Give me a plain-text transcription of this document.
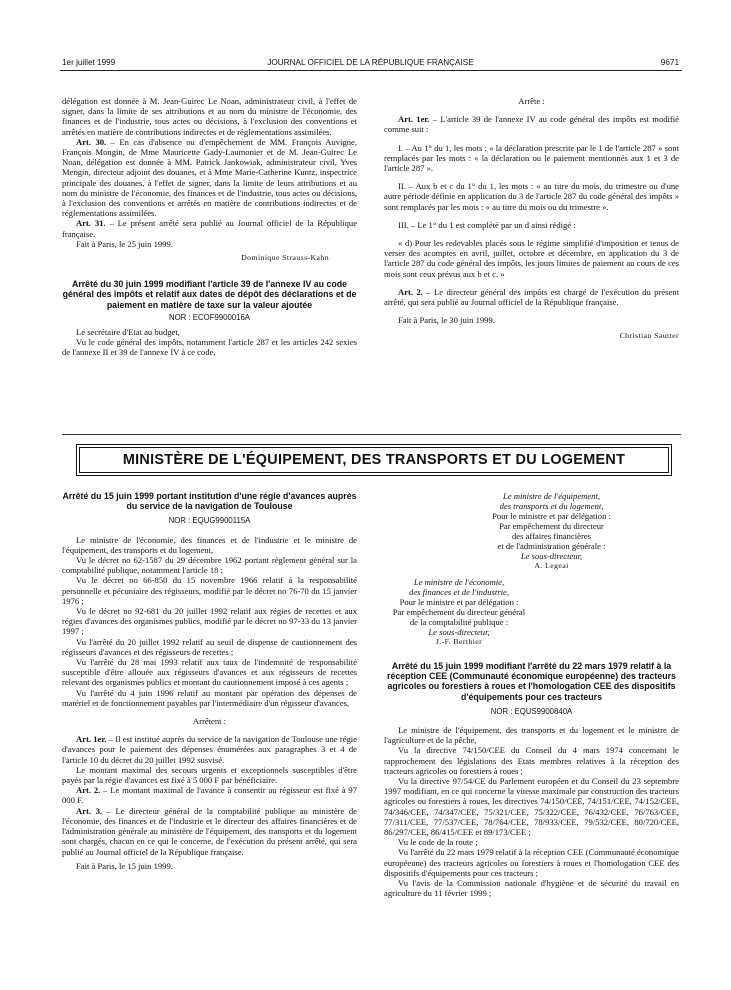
1er juillet 1999	JOURNAL OFFICIEL DE LA RÉPUBLIQUE FRANÇAISE	9671

délégation est donnée à M. Jean-Guirec Le Noan, administrateur civil, à l'effet de signer, dans la limite de ses attributions et au nom du ministre de l'économie, des finances et de l'industrie, tous actes ou décisions, à l'exclusion des conventions et arrêtés en matière de contributions indirectes et de réglementations assimilées.

Art. 30. – En cas d'absence ou d'empêchement de MM. François Auvigne, François Mongin, de Mme Mauricette Gady-Laumonier et de M. Jean-Guirec Le Noan, délégation est donnée à MM. Patrick Jankowiak, administrateur civil, Yves Mengin, directeur adjoint des douanes, et à Mme Marie-Catherine Kuntz, inspectrice principale des douanes, à l'effet de signer, dans la limite de leurs attributions et au nom du ministre de l'économie, des finances et de l'industrie, tous actes ou décisions, à l'exclusion des conventions et arrêtés en matière de contributions indirectes et de réglementations assimilées.

Art. 31. – Le présent arrêté sera publié au Journal officiel de la République française.

Fait à Paris, le 25 juin 1999.

Dominique Strauss-Kahn
Arrêté du 30 juin 1999 modifiant l'article 39 de l'annexe IV au code général des impôts et relatif aux dates de dépôt des déclarations et de paiement en matière de taxe sur la valeur ajoutée
NOR : ECOF9900016A

Le secrétaire d'Etat au budget,

Vu le code général des impôts, notamment l'article 287 et les articles 242 sexies de l'annexe II et 39 de l'annexe IV à ce code,

Arrête :

Art. 1er. – L'article 39 de l'annexe IV au code général des impôts est modifié comme suit :

I. – Au 1° du 1, les mots : « la déclaration prescrite par le 1 de l'article 287 » sont remplacés par les mots : « la déclaration ou le paiement mentionnés aux 1 et 3 de l'article 287 ».

II. – Aux b et c du 1° du 1, les mots : « au titre du mois, du trimestre ou d'une autre période définie en application du 3 de l'article 287 du code général des impôts » sont remplacés par les mots : « au titre du mois ou du trimestre ».

III. – Le 1° du 1 est complété par un d ainsi rédigé :

« d) Pour les redevables placés sous le régime simplifié d'imposition et tenus de verser des acomptes en avril, juillet, octobre et décembre, en application du 3 de l'article 287 du code général des impôts, les jours limites de paiement au cours de ces mois sont ceux prévus aux b et c. »

Art. 2. – Le directeur général des impôts est chargé de l'exécution du présent arrêté, qui sera publié au Journal officiel de la République française.

Fait à Paris, le 30 juin 1999.

Christian Sautter
MINISTÈRE DE L'ÉQUIPEMENT, DES TRANSPORTS ET DU LOGEMENT
Arrêté du 15 juin 1999 portant institution d'une régie d'avances auprès du service de la navigation de Toulouse
NOR : EQUG9900115A

Le ministre de l'économie, des finances et de l'industrie et le ministre de l'équipement, des transports et du logement,

Vu le décret no 62-1587 du 29 décembre 1962 portant règlement général sur la comptabilité publique, notamment l'article 18 ;

Vu le décret no 66-850 du 15 novembre 1966 relatif à la responsabilité personnelle et pécuniaire des régisseurs, modifié par le décret no 76-70 du 15 janvier 1976 ;

Vu le décret no 92-681 du 20 juillet 1992 relatif aux régies de recettes et aux régies d'avances des organismes publics, modifié par le décret no 97-33 du 13 janvier 1997 ;

Vu l'arrêté du 20 juillet 1992 relatif au seuil de dispense de cautionnement des régisseurs d'avances et des régisseurs de recettes ;

Vu l'arrêté du 28 mai 1993 relatif aux taux de l'indemnité de responsabilité susceptible d'être allouée aux régisseurs d'avances et aux régisseurs de recettes relevant des organismes publics et montant du cautionnement imposé à ces agents ;

Vu l'arrêté du 4 juin 1996 relatif au montant par opération des dépenses de matériel et de fonctionnement payables par l'intermédiaire d'un régisseur d'avances,

Arrêtent :

Art. 1er. – Il est institué auprès du service de la navigation de Toulouse une régie d'avances pour le paiement des dépenses énumérées aux paragraphes 3 et 4 de l'article 10 du décret du 20 juillet 1992 susvisé.

Le montant maximal des secours urgents et exceptionnels susceptibles d'être payés par la régie d'avances est fixé à 5 000 F par bénéficiaire.

Art. 2. – Le montant maximal de l'avance à consentir au régisseur est fixé à 97 000 F.

Art. 3. – Le directeur général de la comptabilité publique au ministère de l'économie, des finances et de l'industrie et le directeur des affaires financières et de l'administration générale au ministère de l'équipement, des transports et du logement sont chargés, chacun en ce qui le concerne, de l'exécution du présent arrêté, qui sera publié au Journal officiel de la République française.

Fait à Paris, le 15 juin 1999.

Le ministre de l'équipement,
des transports et du logement,
Pour le ministre et par délégation :
Par empêchement du directeur
des affaires financières
et de l'administration générale :
Le sous-directeur,
A. Legeai
Le ministre de l'économie,
des finances et de l'industrie,
Pour le ministre et par délégation :
Par empêchement du directeur général
de la comptabilité publique :
Le sous-directeur,
J.-F. Berthier
Arrêté du 15 juin 1999 modifiant l'arrêté du 22 mars 1979 relatif à la réception CEE (Communauté économique européenne) des tracteurs agricoles ou forestiers à roues et l'homologation CEE des dispositifs d'équipements pour ces tracteurs
NOR : EQUS9900840A

Le ministre de l'équipement, des transports et du logement et le ministre de l'agriculture et de la pêche,

Vu la directive 74/150/CEE du Conseil du 4 mars 1974 concernant le rapprochement des législations des Etats membres relatives à la réception des tracteurs agricoles ou forestiers à roues ;

Vu la directive 97/54/CE du Parlement européen et du Conseil du 23 septembre 1997 modifiant, en ce qui concerne la vitesse maximale par construction des tracteurs agricoles ou forestiers à roues, les directives 74/150/CEE, 74/151/CEE, 74/152/CEE, 74/346/CEE, 74/347/CEE, 75/321/CEE, 75/322/CEE, 76/432/CEE, 76/763/CEE, 77/311/CEE, 77/537/CEE, 78/764/CEE, 78/933/CEE, 79/532/CEE, 80/720/CEE, 86/297/CEE, 86/415/CEE et 89/173/CEE ;

Vu le code de la route ;

Vu l'arrêté du 22 mars 1979 relatif à la réception CEE (Communauté économique européenne) des tracteurs agricoles ou forestiers à roues et l'homologation CEE des dispositifs d'équipements pour ces tracteurs ;

Vu l'avis de la Commission nationale d'hygiène et de sécurité du travail en agriculture du 11 février 1999 ;
